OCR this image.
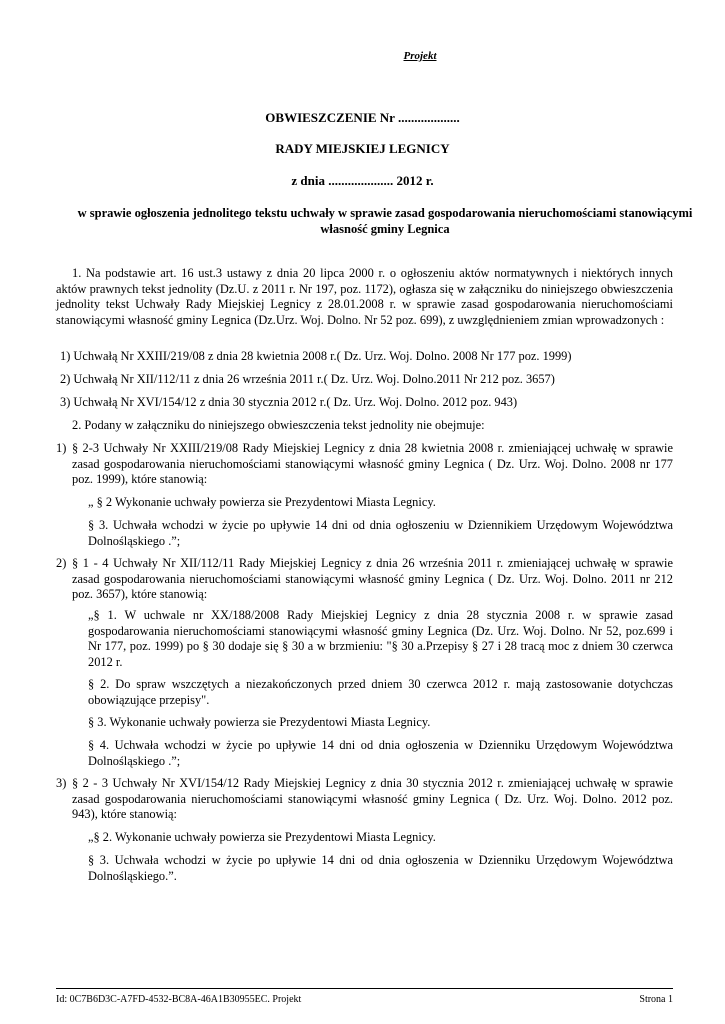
Projekt
OBWIESZCZENIE Nr ...................
RADY MIEJSKIEJ LEGNICY
z dnia .................... 2012 r.
w sprawie ogłoszenia jednolitego tekstu uchwały w sprawie zasad gospodarowania nieruchomościami stanowiącymi własność gminy Legnica
1. Na podstawie art. 16 ust.3 ustawy z dnia 20 lipca 2000 r. o ogłoszeniu aktów normatywnych i niektórych innych aktów prawnych tekst jednolity (Dz.U. z 2011 r. Nr 197, poz. 1172), ogłasza się w załączniku do niniejszego obwieszczenia jednolity tekst Uchwały Rady Miejskiej Legnicy z 28.01.2008 r. w sprawie zasad gospodarowania nieruchomościami stanowiącymi własność gminy Legnica (Dz.Urz. Woj. Dolno. Nr 52 poz. 699), z uwzględnieniem zmian wprowadzonych :
1) Uchwałą Nr XXIII/219/08 z dnia 28 kwietnia 2008 r.( Dz. Urz. Woj. Dolno. 2008 Nr 177 poz. 1999)
2) Uchwałą Nr XII/112/11 z dnia 26 września 2011 r.( Dz. Urz. Woj. Dolno.2011 Nr 212 poz. 3657)
3) Uchwałą Nr XVI/154/12 z dnia 30 stycznia 2012 r.( Dz. Urz. Woj. Dolno. 2012 poz. 943)
2. Podany w załączniku do niniejszego obwieszczenia tekst jednolity nie obejmuje:
1) § 2-3 Uchwały Nr XXIII/219/08 Rady Miejskiej Legnicy z dnia 28 kwietnia 2008 r. zmieniającej uchwałę w sprawie zasad gospodarowania nieruchomościami stanowiącymi własność gminy Legnica ( Dz. Urz. Woj. Dolno. 2008 nr 177 poz. 1999), które stanowią:
„ § 2 Wykonanie uchwały powierza sie Prezydentowi Miasta Legnicy.
§ 3. Uchwała wchodzi w życie po upływie 14 dni od dnia ogłoszeniu w Dziennikiem Urzędowym Województwa Dolnośląskiego .”;
2) § 1 - 4 Uchwały Nr XII/112/11 Rady Miejskiej Legnicy z dnia 26 września 2011 r. zmieniającej uchwałę w sprawie zasad gospodarowania nieruchomościami stanowiącymi własność gminy Legnica ( Dz. Urz. Woj. Dolno. 2011 nr 212 poz. 3657), które stanowią:
„§ 1. W uchwale nr XX/188/2008 Rady Miejskiej Legnicy z dnia 28 stycznia 2008 r. w sprawie zasad gospodarowania nieruchomościami stanowiącymi własność gminy Legnica (Dz. Urz. Woj. Dolno. Nr 52, poz.699 i Nr 177, poz. 1999) po § 30 dodaje się § 30 a w brzmieniu: "§ 30 a.Przepisy § 27 i 28 tracą moc z dniem 30 czerwca 2012 r.
§ 2. Do spraw wszczętych a niezakończonych przed dniem 30 czerwca 2012 r. mają zastosowanie dotychczas obowiązujące przepisy".
§ 3. Wykonanie uchwały powierza sie Prezydentowi Miasta Legnicy.
§ 4. Uchwała wchodzi w życie po upływie 14 dni od dnia ogłoszenia w Dzienniku Urzędowym Województwa Dolnośląskiego .”;
3) § 2 - 3 Uchwały Nr XVI/154/12 Rady Miejskiej Legnicy z dnia 30 stycznia 2012 r. zmieniającej uchwałę w sprawie zasad gospodarowania nieruchomościami stanowiącymi własność gminy Legnica ( Dz. Urz. Woj. Dolno. 2012 poz. 943), które stanowią:
„§ 2. Wykonanie uchwały powierza sie Prezydentowi Miasta Legnicy.
§ 3. Uchwała wchodzi w życie po upływie 14 dni od dnia ogłoszenia w Dzienniku Urzędowym Województwa Dolnośląskiego.”.
Id: 0C7B6D3C-A7FD-4532-BC8A-46A1B30955EC. Projekt	Strona 1
